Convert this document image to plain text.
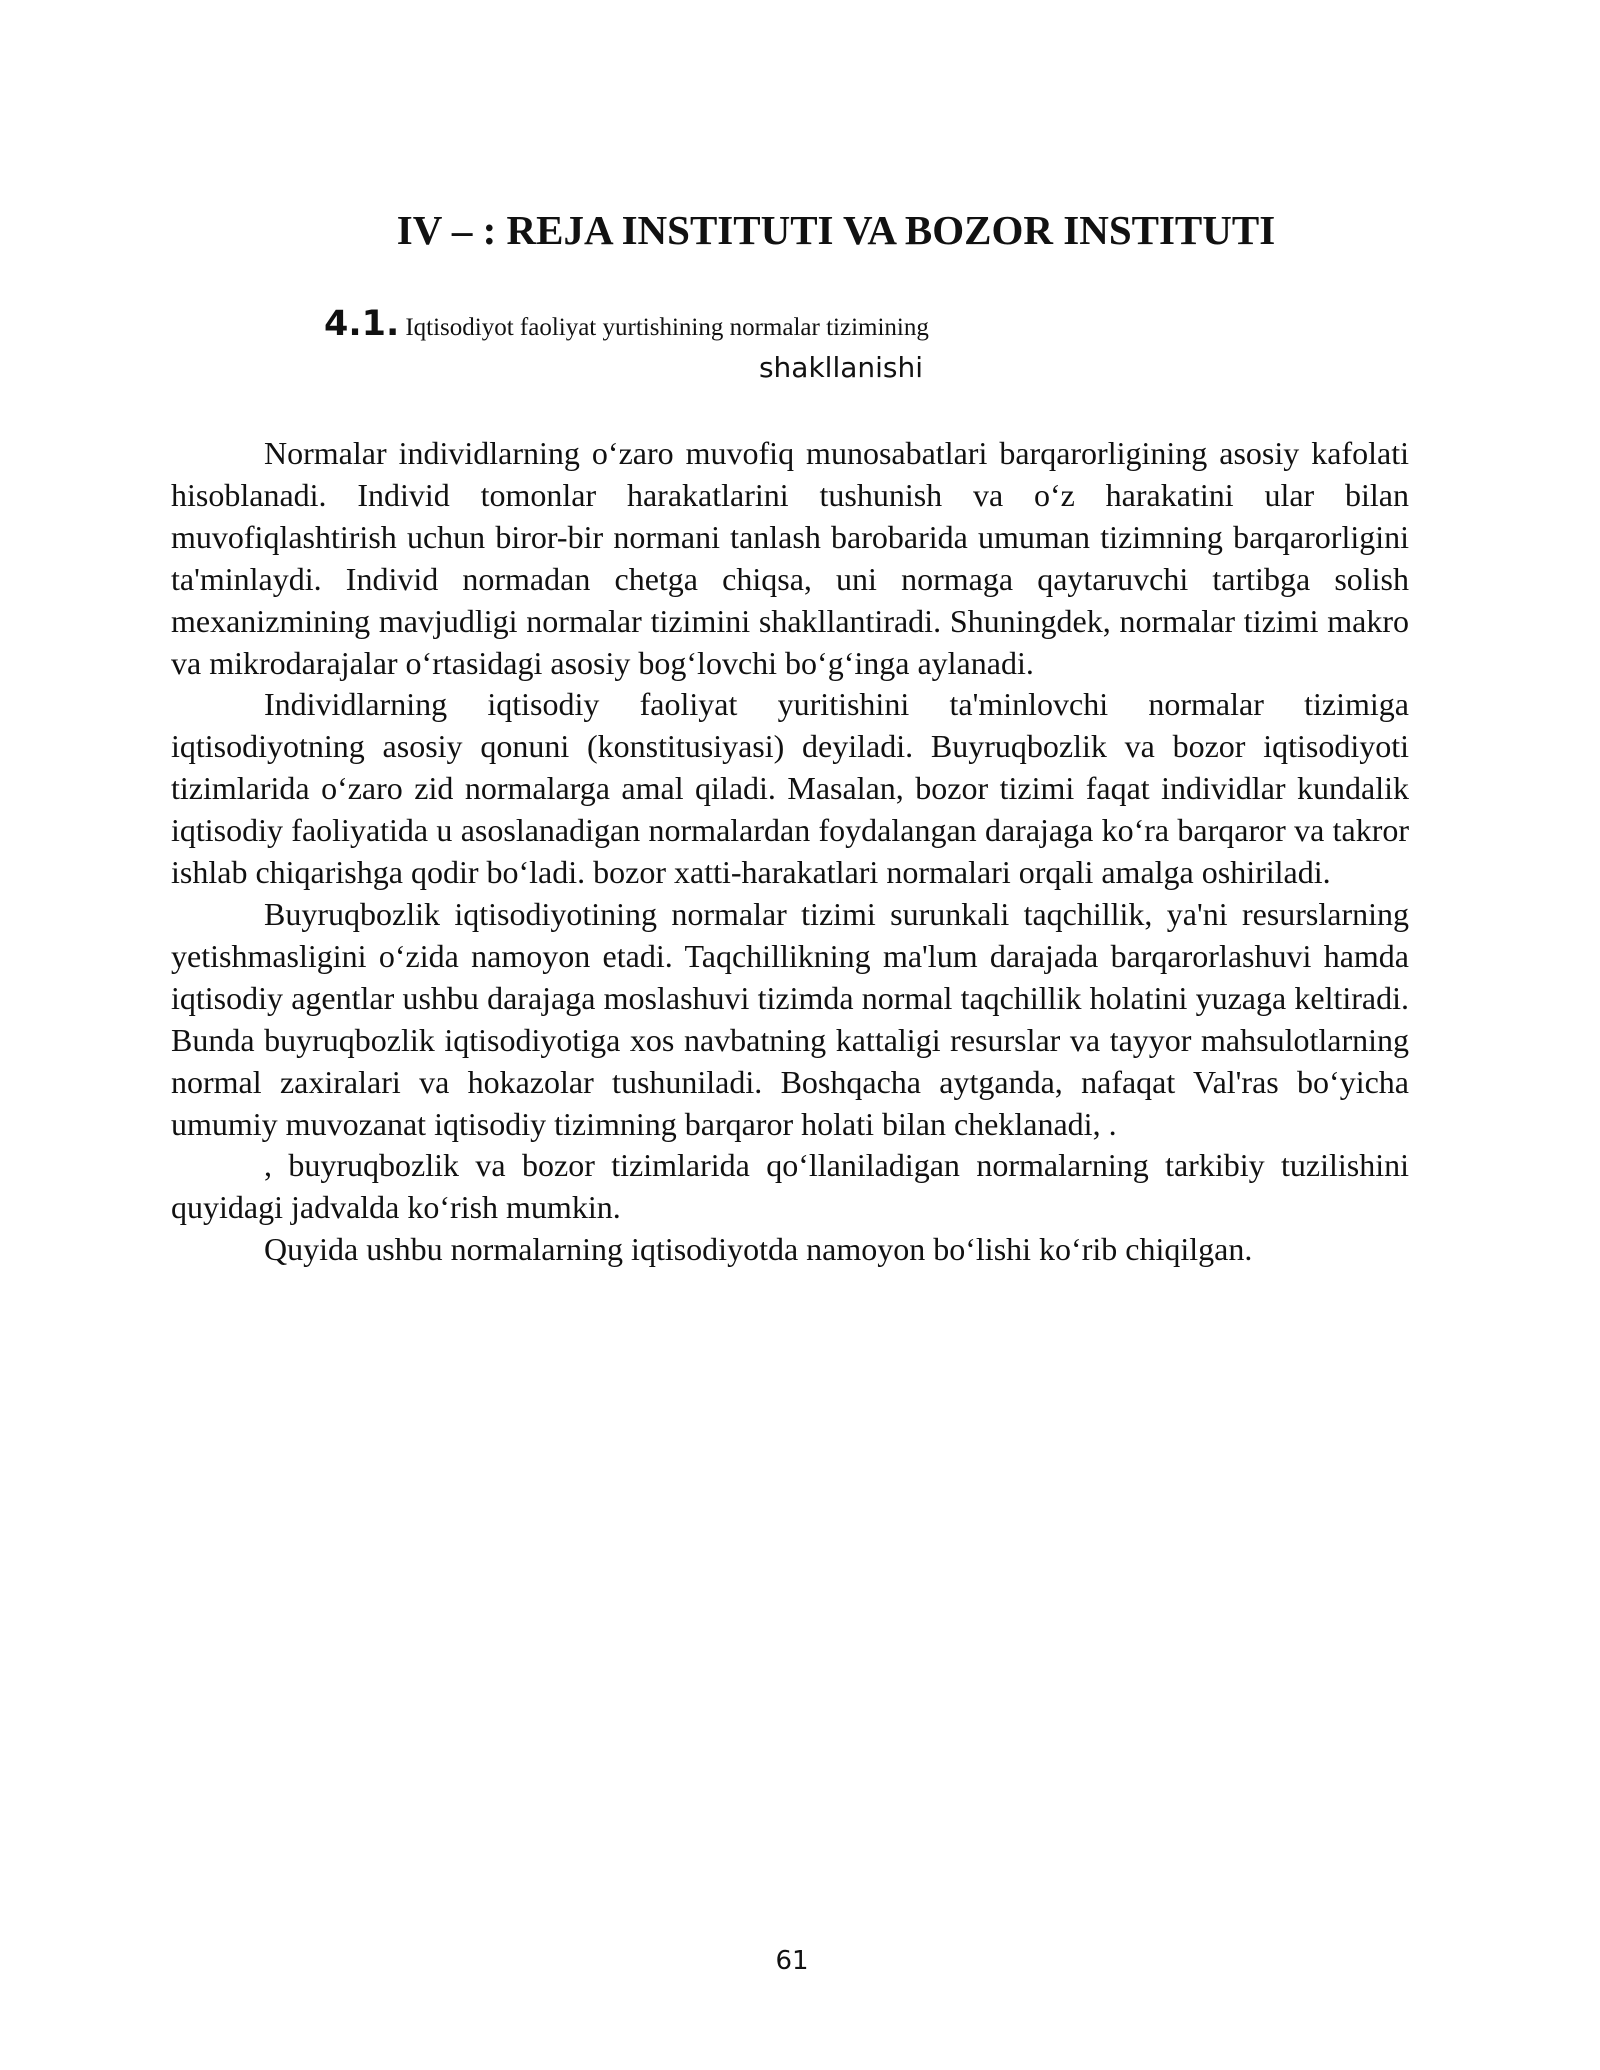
IV – : REJA INSTITUTI VA BOZOR INSTITUTI
4.1. Iqtisodiyot faoliyat yurtishining normalar tizimining
shakllanishi

Normalar individlarning o‘zaro muvofiq munosabatlari barqarorligining asosiy kafolati hisoblanadi. Individ tomonlar harakatlarini tushunish va o‘z harakatini ular bilan muvofiqlashtirish uchun biror-bir normani tanlash barobarida umuman tizimning barqarorligini ta'minlaydi. Individ normadan chetga chiqsa, uni normaga qaytaruvchi tartibga solish mexanizmining mavjudligi normalar tizimini shakllantiradi. Shuningdek, normalar tizimi makro va mikrodarajalar o‘rtasidagi asosiy bog‘lovchi bo‘g‘inga aylanadi.

Individlarning iqtisodiy faoliyat yuritishini ta'minlovchi normalar tizimiga iqtisodiyotning asosiy qonuni (konstitusiyasi) deyiladi. Buyruqbozlik va bozor iqtisodiyoti tizimlarida o‘zaro zid normalarga amal qiladi. Masalan, bozor tizimi faqat individlar kundalik iqtisodiy faoliyatida u asoslanadigan normalardan foydalangan darajaga ko‘ra barqaror va takror ishlab chiqarishga qodir bo‘ladi. bozor xatti-harakatlari normalari orqali amalga oshiriladi.

Buyruqbozlik iqtisodiyotining normalar tizimi surunkali taqchillik, ya'ni resurslarning yetishmasligini o‘zida namoyon etadi. Taqchillikning ma'lum darajada barqarorlashuvi hamda iqtisodiy agentlar ushbu darajaga moslashuvi tizimda normal taqchillik holatini yuzaga keltiradi. Bunda buyruqbozlik iqtisodiyotiga xos navbatning kattaligi resurslar va tayyor mahsulotlarning normal zaxiralari va hokazolar tushuniladi. Boshqacha aytganda, nafaqat Val'ras bo‘yicha umumiy muvozanat iqtisodiy tizimning barqaror holati bilan cheklanadi, .

, buyruqbozlik va bozor tizimlarida qo‘llaniladigan normalarning tarkibiy tuzilishini quyidagi jadvalda ko‘rish mumkin.

Quyida ushbu normalarning iqtisodiyotda namoyon bo‘lishi ko‘rib chiqilgan.

61
